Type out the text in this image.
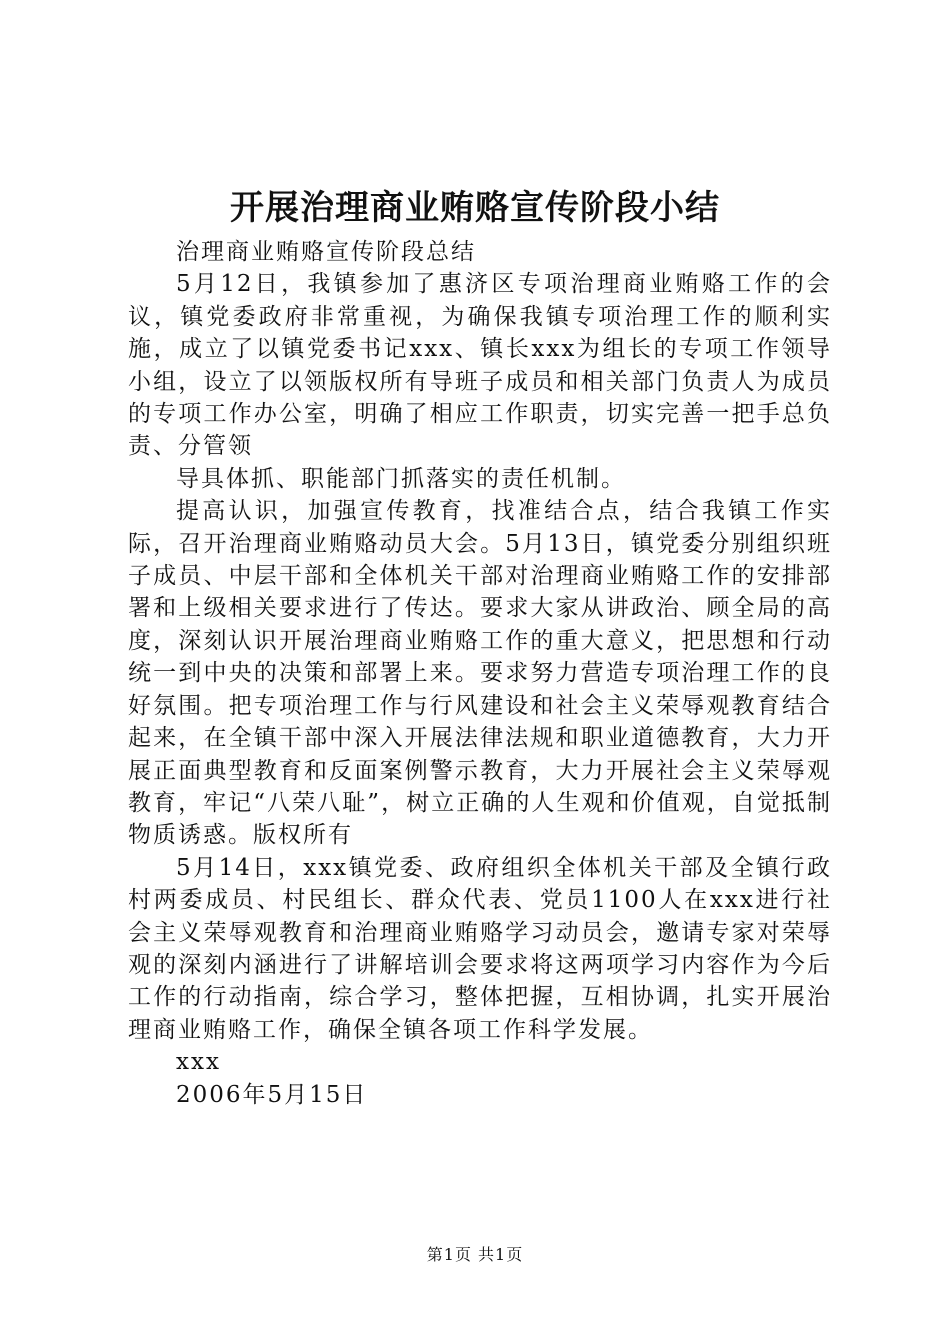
开展治理商业贿赂宣传阶段小结

治理商业贿赂宣传阶段总结

5月12日，我镇参加了惠济区专项治理商业贿赂工作的会议，镇党委政府非常重视，为确保我镇专项治理工作的顺利实施，成立了以镇党委书记xxx、镇长xxx为组长的专项工作领导小组，设立了以领版权所有导班子成员和相关部门负责人为成员的专项工作办公室，明确了相应工作职责，切实完善一把手总负责、分管领

导具体抓、职能部门抓落实的责任机制。

提高认识，加强宣传教育，找准结合点，结合我镇工作实际，召开治理商业贿赂动员大会。5月13日，镇党委分别组织班子成员、中层干部和全体机关干部对治理商业贿赂工作的安排部署和上级相关要求进行了传达。要求大家从讲政治、顾全局的高度，深刻认识开展治理商业贿赂工作的重大意义，把思想和行动统一到中央的决策和部署上来。要求努力营造专项治理工作的良好氛围。把专项治理工作与行风建设和社会主义荣辱观教育结合起来，在全镇干部中深入开展法律法规和职业道德教育，大力开展正面典型教育和反面案例警示教育，大力开展社会主义荣辱观教育，牢记“八荣八耻”，树立正确的人生观和价值观，自觉抵制物质诱惑。版权所有

5月14日，xxx镇党委、政府组织全体机关干部及全镇行政村两委成员、村民组长、群众代表、党员1100人在xxx进行社会主义荣辱观教育和治理商业贿赂学习动员会，邀请专家对荣辱观的深刻内涵进行了讲解培训会要求将这两项学习内容作为今后工作的行动指南，综合学习，整体把握，互相协调，扎实开展治理商业贿赂工作，确保全镇各项工作科学发展。

xxx

2006年5月15日

第1页 共1页
